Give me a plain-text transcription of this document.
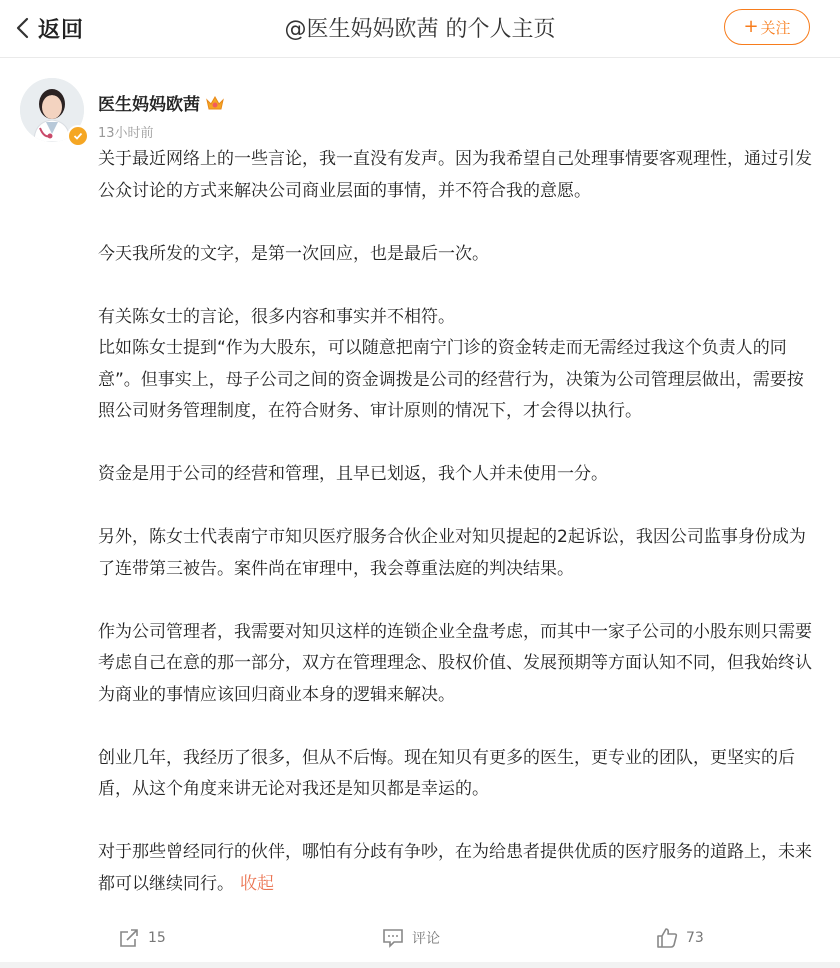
返回	@医生妈妈欧茜 的个人主页	+ 关注
医生妈妈欧茜
13小时前

关于最近网络上的一些言论，我一直没有发声。因为我希望自己处理事情要客观理性，通过引发公众讨论的方式来解决公司商业层面的事情，并不符合我的意愿。

今天我所发的文字，是第一次回应，也是最后一次。

有关陈女士的言论，很多内容和事实并不相符。

比如陈女士提到“作为大股东，可以随意把南宁门诊的资金转走而无需经过我这个负责人的同意”。但事实上，母子公司之间的资金调拨是公司的经营行为，决策为公司管理层做出，需要按照公司财务管理制度，在符合财务、审计原则的情况下，才会得以执行。

资金是用于公司的经营和管理，且早已划返，我个人并未使用一分。

另外，陈女士代表南宁市知贝医疗服务合伙企业对知贝提起的2起诉讼，我因公司监事身份成为了连带第三被告。案件尚在审理中，我会尊重法庭的判决结果。

作为公司管理者，我需要对知贝这样的连锁企业全盘考虑，而其中一家子公司的小股东则只需要考虑自己在意的那一部分，双方在管理理念、股权价值、发展预期等方面认知不同，但我始终认为商业的事情应该回归商业本身的逻辑来解决。

创业几年，我经历了很多，但从不后悔。现在知贝有更多的医生，更专业的团队，更坚实的后盾，从这个角度来讲无论对我还是知贝都是幸运的。

对于那些曾经同行的伙伴，哪怕有分歧有争吵，在为给患者提供优质的医疗服务的道路上，未来都可以继续同行。 收起

15	评论	73
